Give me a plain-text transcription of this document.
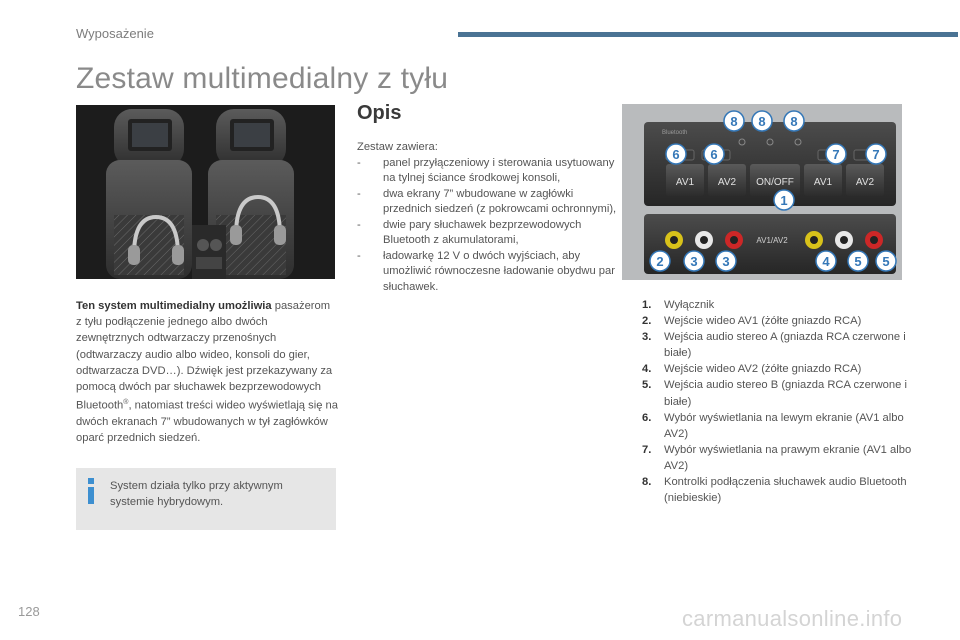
Wyposażenie
Zestaw multimedialny z tyłu
Ten system multimedialny umożliwia pasażerom z tyłu podłączenie jednego albo dwóch zewnętrznych odtwarzaczy przenośnych (odtwarzaczy audio albo wideo, konsoli do gier, odtwarzacza DVD…). Dźwięk jest przekazywany za pomocą dwóch par słuchawek bezprzewodowych Bluetooth®, natomiast treści wideo wyświetlają się na dwóch ekranach 7” wbudowanych w tył zagłówków oparć przednich siedzeń.
System działa tylko przy aktywnym systemie hybrydowym.
Opis
Zestaw zawiera:
- panel przyłączeniowy i sterowania usytuowany na tylnej ściance środkowej konsoli,
- dwa ekrany 7” wbudowane w zagłówki przednich siedzeń (z pokrowcami ochronnymi),
- dwie pary słuchawek bezprzewodowych Bluetooth z akumulatorami,
- ładowarkę 12 V o dwóch wyjściach, aby umożliwić równoczesne ładowanie obydwu par słuchawek.
Bluetooth
AV1 AV2 ON/OFF AV1 AV2
AV1/AV2
8 8 8
6 6	7	7
1
2 3 3	4 5 5
1. Wyłącznik
2. Wejście wideo AV1 (żółte gniazdo RCA)
3. Wejścia audio stereo A (gniazda RCA czerwone i białe)
4. Wejście wideo AV2 (żółte gniazdo RCA)
5. Wejścia audio stereo B (gniazda RCA czerwone i białe)
6. Wybór wyświetlania na lewym ekranie (AV1 albo AV2)
7. Wybór wyświetlania na prawym ekranie (AV1 albo AV2)
8. Kontrolki podłączenia słuchawek audio Bluetooth (niebieskie)
128	carmanualsonline.info
